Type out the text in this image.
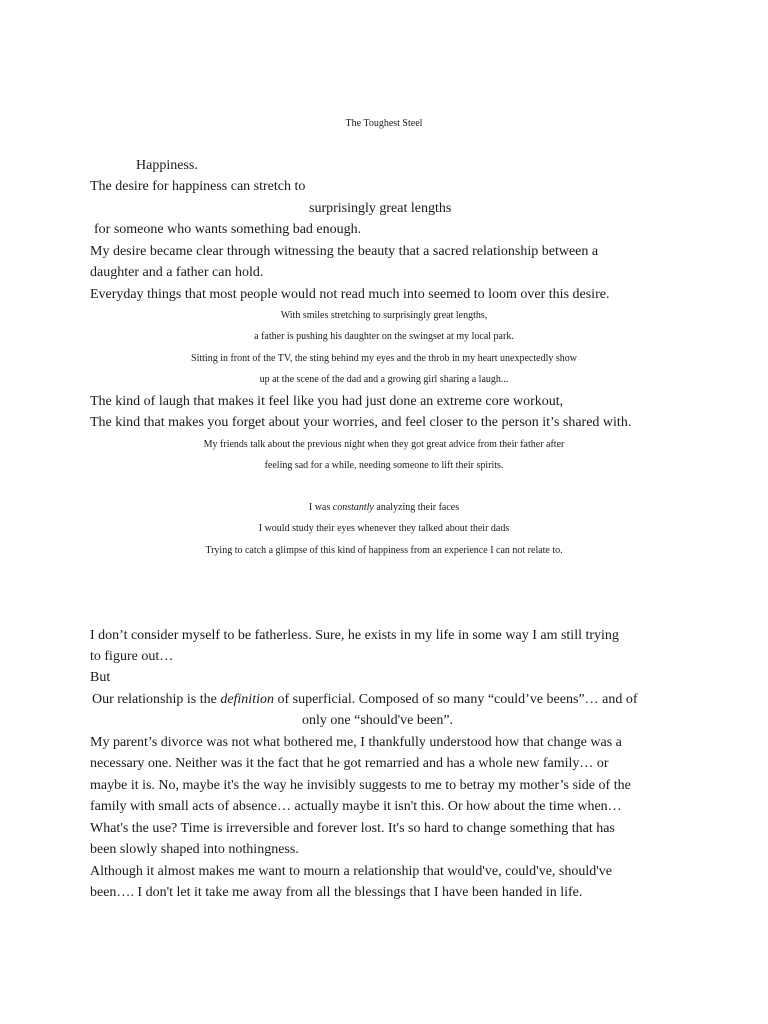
The Toughest Steel
Happiness.
The desire for happiness can stretch to
surprisingly great lengths
for someone who wants something bad enough.
My desire became clear through witnessing the beauty that a sacred relationship between a
daughter and a father can hold.
Everyday things that most people would not read much into seemed to loom over this desire.
With smiles stretching to surprisingly great lengths,
a father is pushing his daughter on the swingset at my local park.
Sitting in front of the TV, the sting behind my eyes and the throb in my heart unexpectedly show
up at the scene of the dad and a growing girl sharing a laugh...
The kind of laugh that makes it feel like you had just done an extreme core workout,
The kind that makes you forget about your worries, and feel closer to the person it’s shared with.
My friends talk about the previous night when they got great advice from their father after
feeling sad for a while, needing someone to lift their spirits.
I was constantly analyzing their faces
I would study their eyes whenever they talked about their dads
Trying to catch a glimpse of this kind of happiness from an experience I can not relate to.
I don’t consider myself to be fatherless. Sure, he exists in my life in some way I am still trying
to figure out…
But
Our relationship is the definition of superficial. Composed of so many “could’ve beens”… and of
only one “should've been”.
My parent’s divorce was not what bothered me, I thankfully understood how that change was a
necessary one. Neither was it the fact that he got remarried and has a whole new family… or
maybe it is. No, maybe it's the way he invisibly suggests to me to betray my mother’s side of the
family with small acts of absence… actually maybe it isn't this. Or how about the time when…
What's the use? Time is irreversible and forever lost. It's so hard to change something that has
been slowly shaped into nothingness.
Although it almost makes me want to mourn a relationship that would've, could've, should've
been…. I don't let it take me away from all the blessings that I have been handed in life.
